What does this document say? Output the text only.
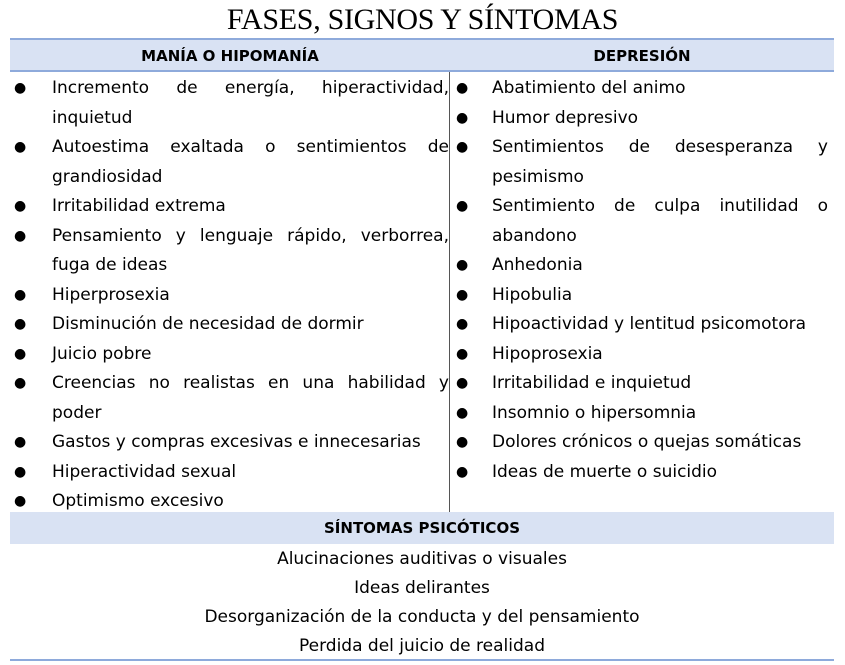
FASES, SIGNOS Y SÍNTOMAS
MANÍA O HIPOMANÍA	DEPRESIÓN
● Incremento de energía, hiperactividad, inquietud
● Autoestima exaltada o sentimientos de grandiosidad
● Irritabilidad extrema
● Pensamiento y lenguaje rápido, verborrea, fuga de ideas
● Hiperprosexia
● Disminución de necesidad de dormir
● Juicio pobre
● Creencias no realistas en una habilidad y poder
● Gastos y compras excesivas e innecesarias
● Hiperactividad sexual
● Optimismo excesivo
● Abatimiento del animo
● Humor depresivo
● Sentimientos de desesperanza y pesimismo
● Sentimiento de culpa inutilidad o abandono
● Anhedonia
● Hipobulia
● Hipoactividad y lentitud psicomotora
● Hipoprosexia
● Irritabilidad e inquietud
● Insomnio o hipersomnia
● Dolores crónicos o quejas somáticas
● Ideas de muerte o suicidio
SÍNTOMAS PSICÓTICOS
Alucinaciones auditivas o visuales
Ideas delirantes
Desorganización de la conducta y del pensamiento
Perdida del juicio de realidad
